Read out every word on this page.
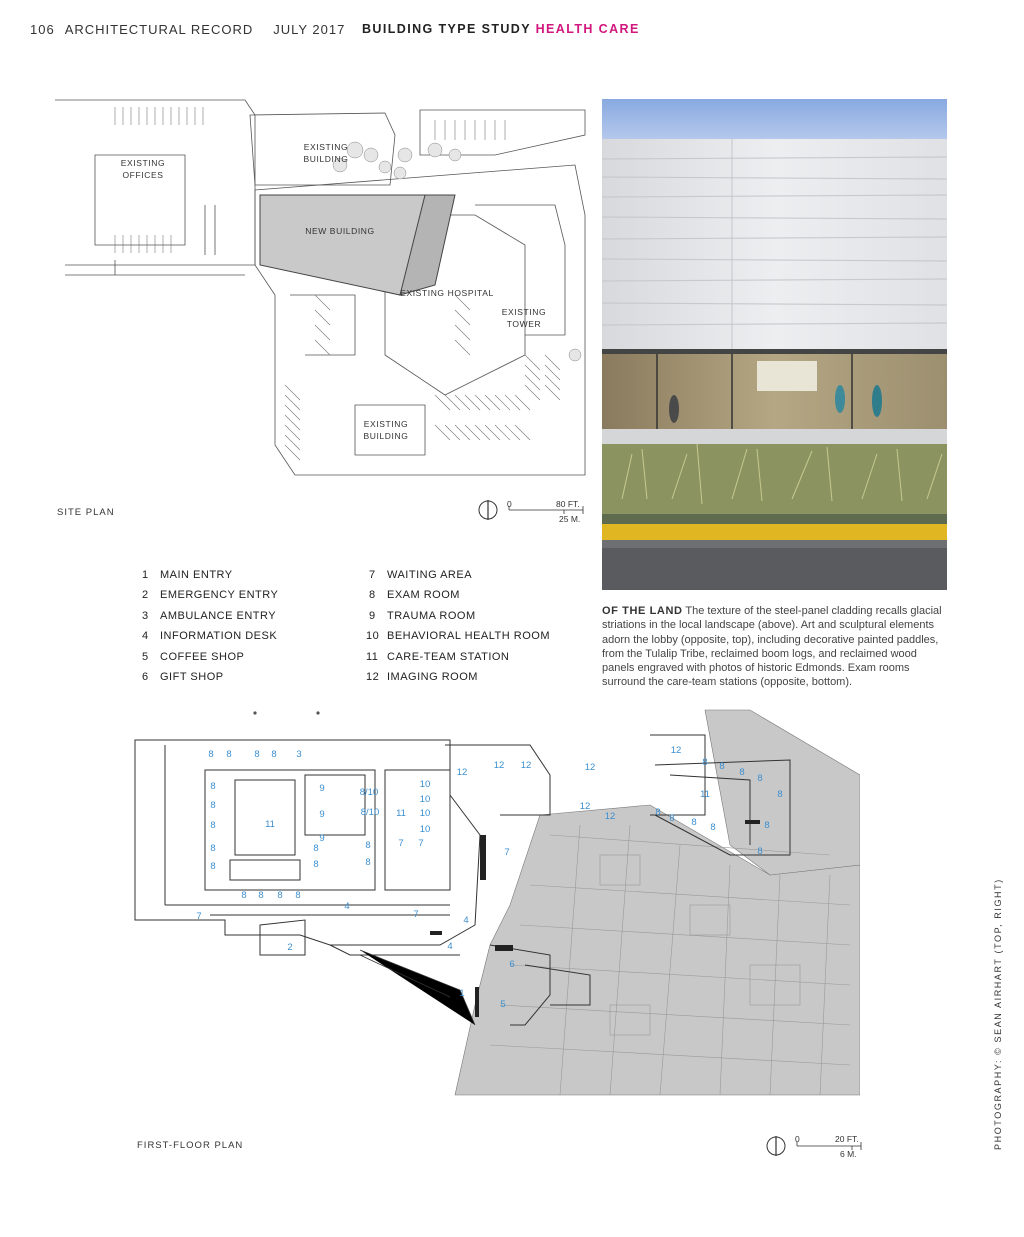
106 ARCHITECTURAL RECORD JULY 2017 BUILDING TYPE STUDY HEALTH CARE
EXISTING
OFFICES
EXISTING
BUILDING
NEW BUILDING
EXISTING HOSPITAL
EXISTING
TOWER
EXISTING
BUILDING
SITE PLAN
0	80 FT.
25 M.
1 MAIN ENTRY
2 EMERGENCY ENTRY
3 AMBULANCE ENTRY
4 INFORMATION DESK
5 COFFEE SHOP
6 GIFT SHOP
7 WAITING AREA
8 EXAM ROOM
9 TRAUMA ROOM
10 BEHAVIORAL HEALTH ROOM
11 CARE-TEAM STATION
12 IMAGING ROOM
OF THE LAND The texture of the steel-panel cladding recalls glacial striations in the local landscape (above). Art and sculptural elements adorn the lobby (opposite, top), including decorative painted paddles, from the Tulalip Tribe, reclaimed boom logs, and reclaimed wood panels engraved with photos of historic Edmonds. Exam rooms surround the care-team stations (opposite, bottom).
8 8 8 8 3
8
8
8
8
8
9
9
9
11
11
8/10
8/10
10
10
10
10
8
8
8
8
7 7
8 8 8 8
7
4
7
4
2	4
1
5
6
7
12
12 12	12
12
12
12
8 8
8
8
11	8
8
8 8 8	8
8
FIRST-FLOOR PLAN
0	20 FT.
6 M.
PHOTOGRAPHY: © SEAN AIRHART (TOP, RIGHT)
